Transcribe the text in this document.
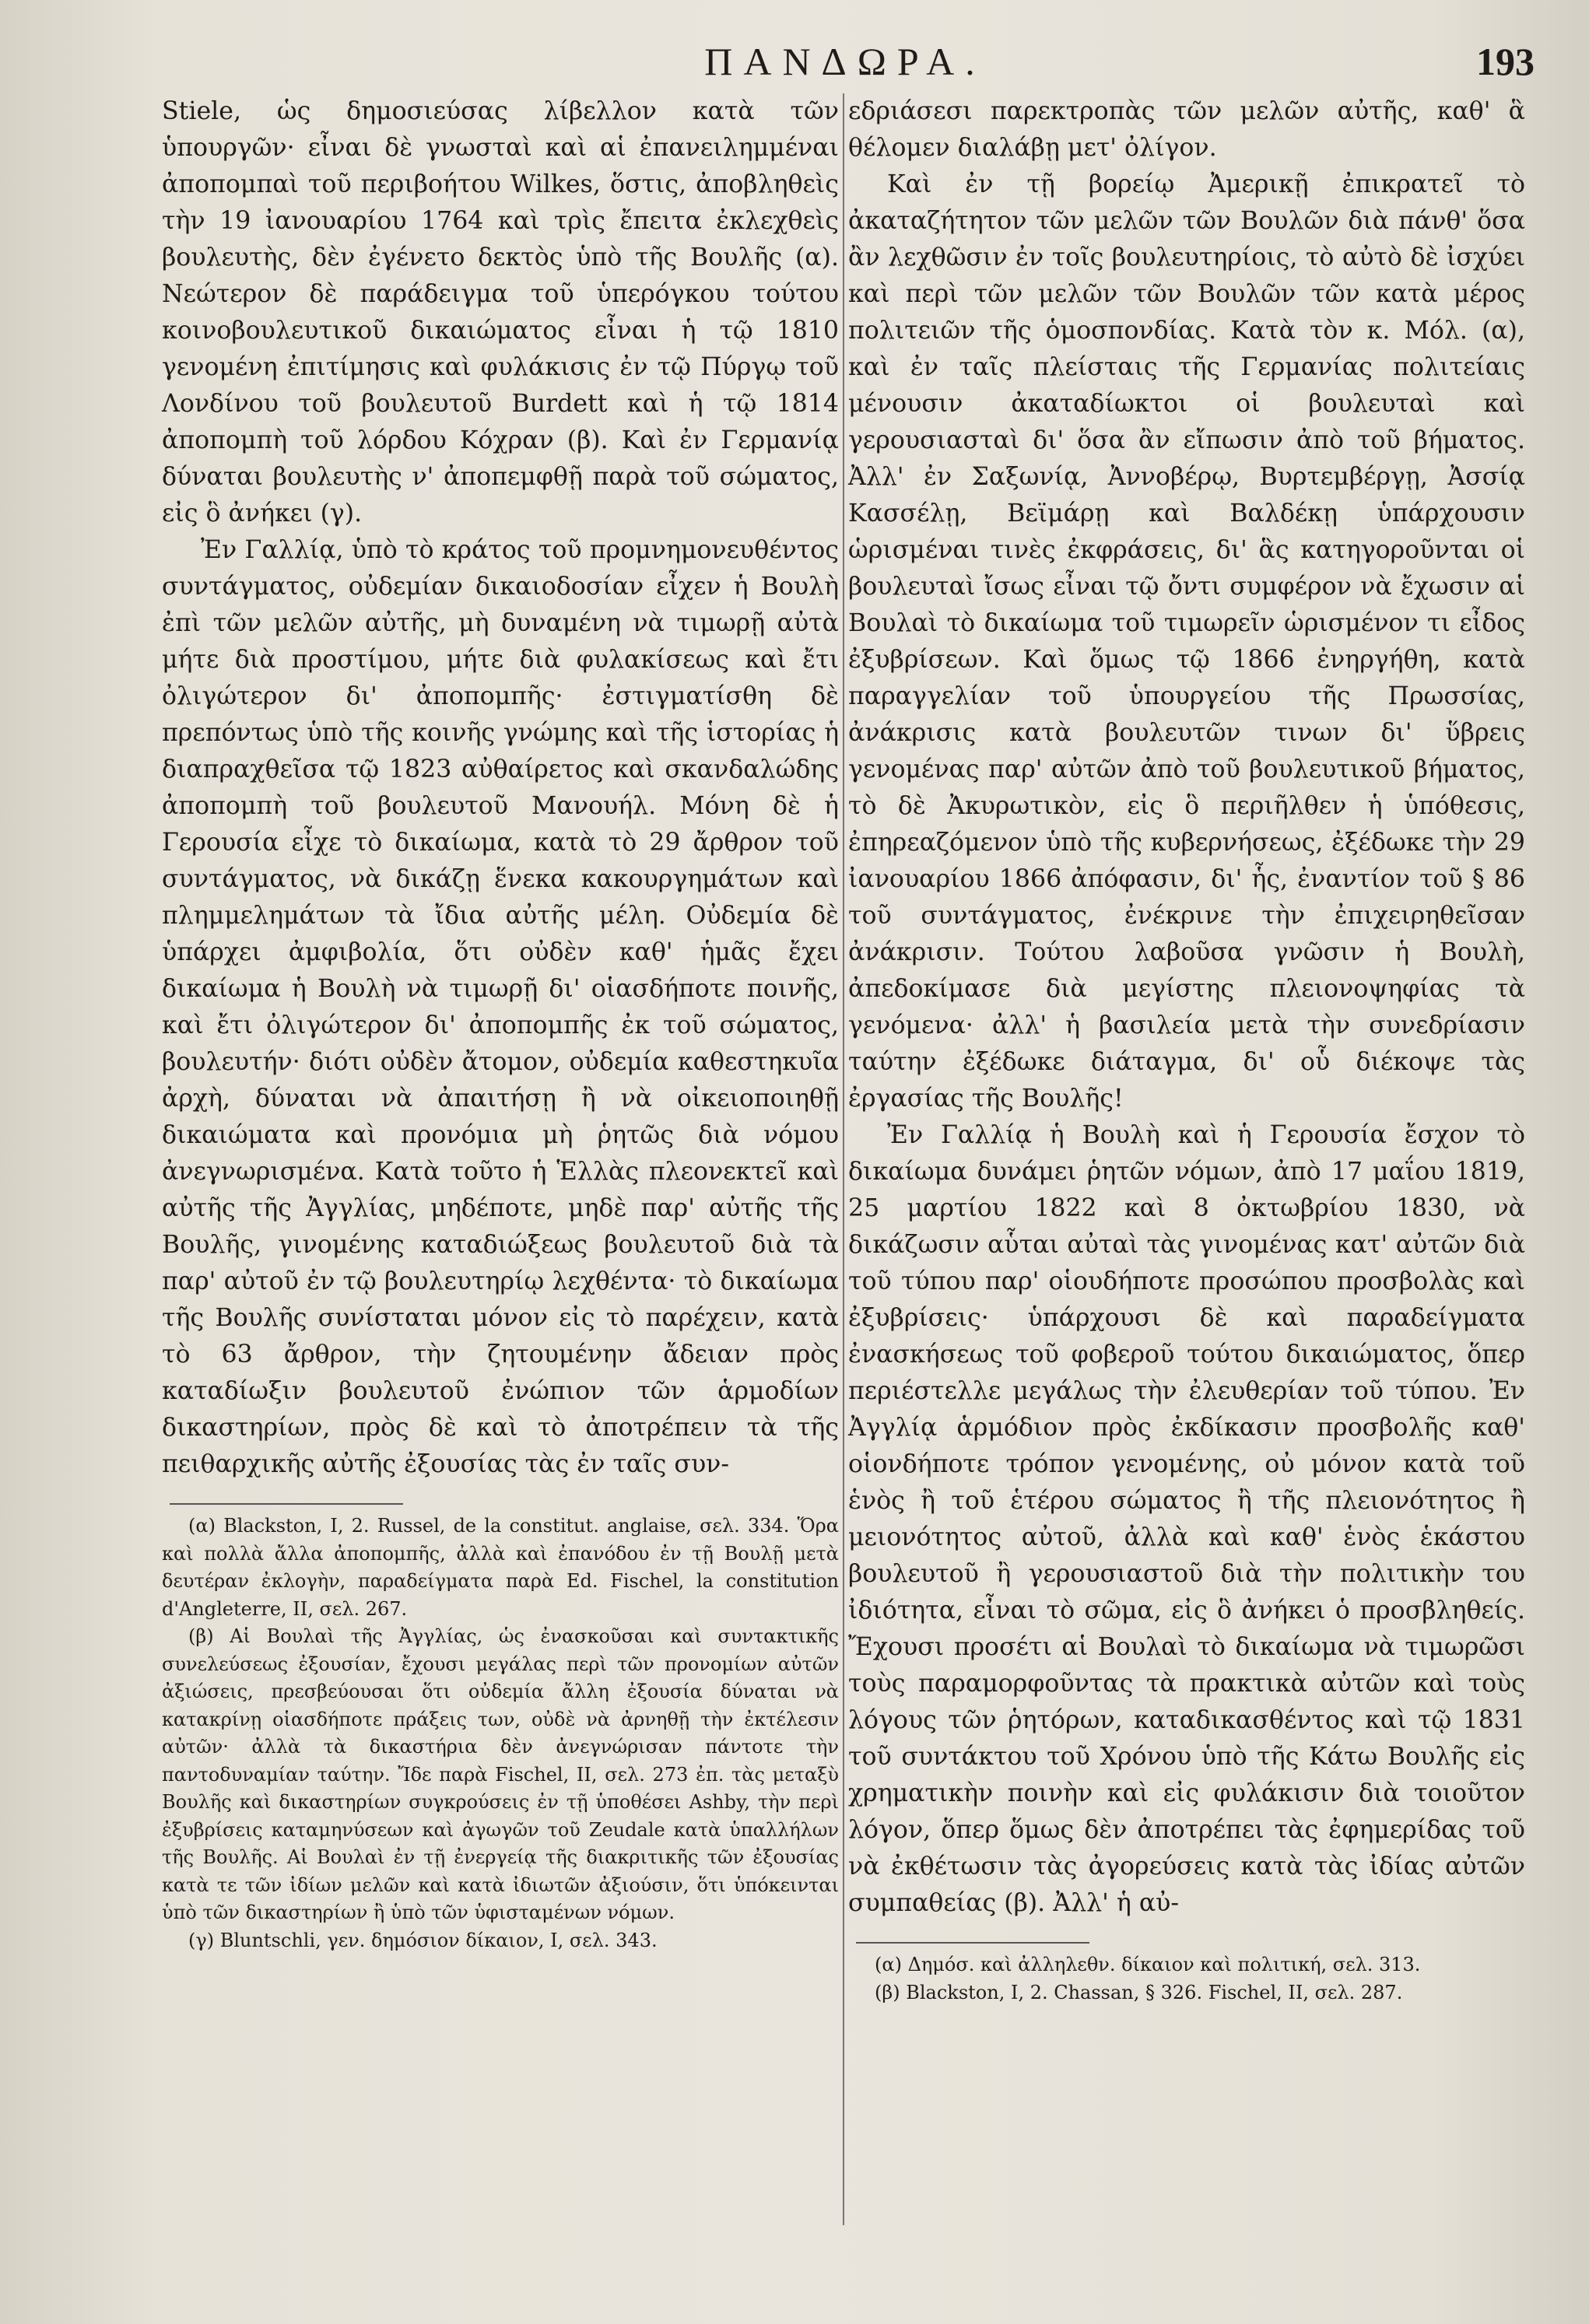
ΠΑΝΔΩΡΑ.	193

Stiele, ὡς δημοσιεύσας λίβελλον κατὰ τῶν ὑπουργῶν· εἶναι δὲ γνωσταὶ καὶ αἱ ἐπανειλημμέναι ἀποπομπαὶ τοῦ περιβοήτου Wilkes, ὅστις, ἀποβληθεὶς τὴν 19 ἰανουαρίου 1764 καὶ τρὶς ἔπειτα ἐκλεχθεὶς βουλευτὴς, δὲν ἐγένετο δεκτὸς ὑπὸ τῆς Βουλῆς (α). Νεώτερον δὲ παράδειγμα τοῦ ὑπερόγκου τούτου κοινοβουλευτικοῦ δικαιώματος εἶναι ἡ τῷ 1810 γενομένη ἐπιτίμησις καὶ φυλάκισις ἐν τῷ Πύργῳ τοῦ Λονδίνου τοῦ βουλευτοῦ Burdett καὶ ἡ τῷ 1814 ἀποπομπὴ τοῦ λόρδου Κόχραν (β). Καὶ ἐν Γερμανίᾳ δύναται βουλευτὴς ν' ἀποπεμφθῇ παρὰ τοῦ σώματος, εἰς ὃ ἀνήκει (γ).

Ἐν Γαλλίᾳ, ὑπὸ τὸ κράτος τοῦ προμνημονευθέντος συντάγματος, οὐδεμίαν δικαιοδοσίαν εἶχεν ἡ Βουλὴ ἐπὶ τῶν μελῶν αὐτῆς, μὴ δυναμένη νὰ τιμωρῇ αὐτὰ μήτε διὰ προστίμου, μήτε διὰ φυλακίσεως καὶ ἔτι ὀλιγώτερον δι' ἀποπομπῆς· ἐστιγματίσθη δὲ πρεπόντως ὑπὸ τῆς κοινῆς γνώμης καὶ τῆς ἱστορίας ἡ διαπραχθεῖσα τῷ 1823 αὐθαίρετος καὶ σκανδαλώδης ἀποπομπὴ τοῦ βουλευτοῦ Μανουήλ. Μόνη δὲ ἡ Γερουσία εἶχε τὸ δικαίωμα, κατὰ τὸ 29 ἄρθρον τοῦ συντάγματος, νὰ δικάζῃ ἕνεκα κακουργημάτων καὶ πλημμελημάτων τὰ ἴδια αὐτῆς μέλη. Οὐδεμία δὲ ὑπάρχει ἀμφιβολία, ὅτι οὐδὲν καθ' ἡμᾶς ἔχει δικαίωμα ἡ Βουλὴ νὰ τιμωρῇ δι' οἱασδήποτε ποινῆς, καὶ ἔτι ὀλιγώτερον δι' ἀποπομπῆς ἐκ τοῦ σώματος, βουλευτήν· διότι οὐδὲν ἄτομον, οὐδεμία καθεστηκυῖα ἀρχὴ, δύναται νὰ ἀπαιτήσῃ ἢ νὰ οἰκειοποιηθῇ δικαιώματα καὶ προνόμια μὴ ῥητῶς διὰ νόμου ἀνεγνωρισμένα. Κατὰ τοῦτο ἡ Ἑλλὰς πλεονεκτεῖ καὶ αὐτῆς τῆς Ἀγγλίας, μηδέποτε, μηδὲ παρ' αὐτῆς τῆς Βουλῆς, γινομένης καταδιώξεως βουλευτοῦ διὰ τὰ παρ' αὐτοῦ ἐν τῷ βουλευτηρίῳ λεχθέντα· τὸ δικαίωμα τῆς Βουλῆς συνίσταται μόνον εἰς τὸ παρέχειν, κατὰ τὸ 63 ἄρθρον, τὴν ζητουμένην ἄδειαν πρὸς καταδίωξιν βουλευτοῦ ἐνώπιον τῶν ἁρμοδίων δικαστηρίων, πρὸς δὲ καὶ τὸ ἀποτρέπειν τὰ τῆς πειθαρχικῆς αὐτῆς ἐξουσίας τὰς ἐν ταῖς συν-

(α) Blackston, I, 2. Russel, de la constitut. anglaise, σελ. 334. Ὅρα καὶ πολλὰ ἄλλα ἀποπομπῆς, ἀλλὰ καὶ ἐπανόδου ἐν τῇ Βουλῇ μετὰ δευτέραν ἐκλογὴν, παραδείγματα παρὰ Ed. Fischel, la constitution d'Angleterre, II, σελ. 267.

(β) Αἱ Βουλαὶ τῆς Ἀγγλίας, ὡς ἐνασκοῦσαι καὶ συντακτικῆς συνελεύσεως ἐξουσίαν, ἔχουσι μεγάλας περὶ τῶν προνομίων αὐτῶν ἀξιώσεις, πρεσβεύουσαι ὅτι οὐδεμία ἄλλη ἐξουσία δύναται νὰ κατακρίνῃ οἱασδήποτε πράξεις των, οὐδὲ νὰ ἀρνηθῇ τὴν ἐκτέλεσιν αὐτῶν· ἀλλὰ τὰ δικαστήρια δὲν ἀνεγνώρισαν πάντοτε τὴν παντοδυναμίαν ταύτην. Ἴδε παρὰ Fischel, II, σελ. 273 ἐπ. τὰς μεταξὺ Βουλῆς καὶ δικαστηρίων συγκρούσεις ἐν τῇ ὑποθέσει Ashby, τὴν περὶ ἐξυβρίσεις καταμηνύσεων καὶ ἀγωγῶν τοῦ Zeudale κατὰ ὑπαλλήλων τῆς Βουλῆς. Αἱ Βουλαὶ ἐν τῇ ἐνεργείᾳ τῆς διακριτικῆς τῶν ἐξουσίας κατὰ τε τῶν ἰδίων μελῶν καὶ κατὰ ἰδιωτῶν ἀξιούσιν, ὅτι ὑπόκεινται ὑπὸ τῶν δικαστηρίων ἢ ὑπὸ τῶν ὑφισταμένων νόμων.

(γ) Bluntschli, γεν. δημόσιον δίκαιον, I, σελ. 343.

εδριάσεσι παρεκτροπὰς τῶν μελῶν αὐτῆς, καθ' ἃ θέλομεν διαλάβῃ μετ' ὀλίγον.

Καὶ ἐν τῇ βορείῳ Ἀμερικῇ ἐπικρατεῖ τὸ ἀκαταζήτητον τῶν μελῶν τῶν Βουλῶν διὰ πάνθ' ὅσα ἂν λεχθῶσιν ἐν τοῖς βουλευτηρίοις, τὸ αὐτὸ δὲ ἰσχύει καὶ περὶ τῶν μελῶν τῶν Βουλῶν τῶν κατὰ μέρος πολιτειῶν τῆς ὁμοσπονδίας. Κατὰ τὸν κ. Μόλ. (α), καὶ ἐν ταῖς πλείσταις τῆς Γερμανίας πολιτείαις μένουσιν ἀκαταδίωκτοι οἱ βουλευταὶ καὶ γερουσιασταὶ δι' ὅσα ἂν εἴπωσιν ἀπὸ τοῦ βήματος. Ἀλλ' ἐν Σαξωνίᾳ, Ἀννοβέρῳ, Βυρτεμβέργῃ, Ἀσσίᾳ Κασσέλῃ, Βεϊμάρῃ καὶ Βαλδέκῃ ὑπάρχουσιν ὡρισμέναι τινὲς ἐκφράσεις, δι' ἃς κατηγοροῦνται οἱ βουλευταὶ ἴσως εἶναι τῷ ὄντι συμφέρον νὰ ἔχωσιν αἱ Βουλαὶ τὸ δικαίωμα τοῦ τιμωρεῖν ὡρισμένον τι εἶδος ἐξυβρίσεων. Καὶ ὅμως τῷ 1866 ἐνηργήθη, κατὰ παραγγελίαν τοῦ ὑπουργείου τῆς Πρωσσίας, ἀνάκρισις κατὰ βουλευτῶν τινων δι' ὕβρεις γενομένας παρ' αὐτῶν ἀπὸ τοῦ βουλευτικοῦ βήματος, τὸ δὲ Ἀκυρωτικὸν, εἰς ὃ περιῆλθεν ἡ ὑπόθεσις, ἐπηρεαζόμενον ὑπὸ τῆς κυβερνήσεως, ἐξέδωκε τὴν 29 ἰανουαρίου 1866 ἀπόφασιν, δι' ἧς, ἐναντίον τοῦ § 86 τοῦ συντάγματος, ἐνέκρινε τὴν ἐπιχειρηθεῖσαν ἀνάκρισιν. Τούτου λαβοῦσα γνῶσιν ἡ Βουλὴ, ἀπεδοκίμασε διὰ μεγίστης πλειονοψηφίας τὰ γενόμενα· ἀλλ' ἡ βασιλεία μετὰ τὴν συνεδρίασιν ταύτην ἐξέδωκε διάταγμα, δι' οὗ διέκοψε τὰς ἐργασίας τῆς Βουλῆς!

Ἐν Γαλλίᾳ ἡ Βουλὴ καὶ ἡ Γερουσία ἔσχον τὸ δικαίωμα δυνάμει ῥητῶν νόμων, ἀπὸ 17 μαΐου 1819, 25 μαρτίου 1822 καὶ 8 ὀκτωβρίου 1830, νὰ δικάζωσιν αὗται αὐταὶ τὰς γινομένας κατ' αὐτῶν διὰ τοῦ τύπου παρ' οἱουδήποτε προσώπου προσβολὰς καὶ ἐξυβρίσεις· ὑπάρχουσι δὲ καὶ παραδείγματα ἐνασκήσεως τοῦ φοβεροῦ τούτου δικαιώματος, ὅπερ περιέστελλε μεγάλως τὴν ἐλευθερίαν τοῦ τύπου. Ἐν Ἀγγλίᾳ ἁρμόδιον πρὸς ἐκδίκασιν προσβολῆς καθ' οἱονδήποτε τρόπον γενομένης, οὐ μόνον κατὰ τοῦ ἑνὸς ἢ τοῦ ἑτέρου σώματος ἢ τῆς πλειονότητος ἢ μειονότητος αὐτοῦ, ἀλλὰ καὶ καθ' ἑνὸς ἑκάστου βουλευτοῦ ἢ γερουσιαστοῦ διὰ τὴν πολιτικὴν του ἰδιότητα, εἶναι τὸ σῶμα, εἰς ὃ ἀνήκει ὁ προσβληθείς. Ἔχουσι προσέτι αἱ Βουλαὶ τὸ δικαίωμα νὰ τιμωρῶσι τοὺς παραμορφοῦντας τὰ πρακτικὰ αὐτῶν καὶ τοὺς λόγους τῶν ῥητόρων, καταδικασθέντος καὶ τῷ 1831 τοῦ συντάκτου τοῦ Χρόνου ὑπὸ τῆς Κάτω Βουλῆς εἰς χρηματικὴν ποινὴν καὶ εἰς φυλάκισιν διὰ τοιοῦτον λόγον, ὅπερ ὅμως δὲν ἀποτρέπει τὰς ἐφημερίδας τοῦ νὰ ἐκθέτωσιν τὰς ἀγορεύσεις κατὰ τὰς ἰδίας αὐτῶν συμπαθείας (β). Ἀλλ' ἡ αὐ-

(α) Δημόσ. καὶ ἀλληλεθν. δίκαιον καὶ πολιτική, σελ. 313.

(β) Blackston, I, 2. Chassan, § 326. Fischel, II, σελ. 287.
